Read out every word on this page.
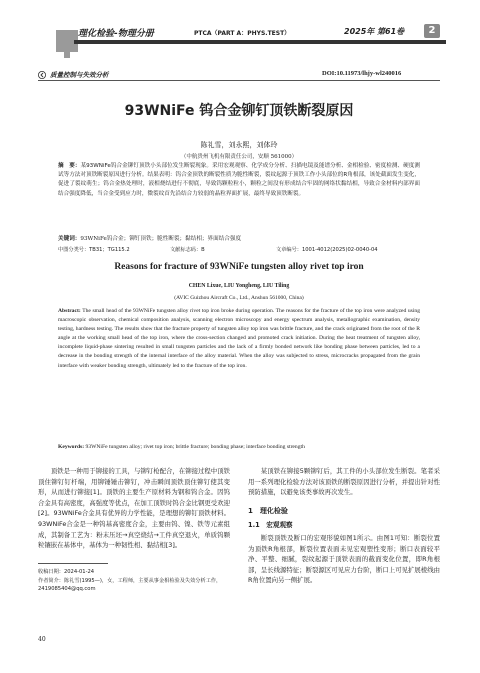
理化检验-物理分册	PTCA（PART A：PHYS.TEST）	2025年 第61卷	2
质量控制与失效分析	DOI:10.11973/lhjy-wl240016
93WNiFe 钨合金铆钉顶铁断裂原因
陈礼雪，刘永熙，刘体玲
（中航贵州飞机有限责任公司，安顺 561000）
摘　要：某93WNiFe钨合金铆钉顶铁小头部位发生断裂现象。采用宏观观察、化学成分分析、扫描电镜及能谱分析、金相检验、密度检测、硬度测试等方法对顶铁断裂原因进行分析。结果表明：钨合金顶铁的断裂性质为脆性断裂，裂纹起源于顶铁工作小头部位的R角根部，该处截面发生变化，促进了裂纹萌生；钨合金热处理时，液相烧结进行不彻底，导致钨颗粒粒小，颗粒之间没有形成结合牢固的网络状黏结相，导致合金材料内部界面结合强度降低，当合金受到应力时，微裂纹首先沿结合力较弱的晶粒界面扩展，最终导致顶铁断裂。
关键词：93WNiFe钨合金；铆钉顶铁；脆性断裂；黏结相；界面结合强度
中图分类号：TB31；TG115.2	文献标志码：B	文章编号：1001-4012(2025)02-0040-04
Reasons for fracture of 93WNiFe tungsten alloy rivet top iron
CHEN Lixue, LIU Yongheng, LIU Tiling
(AVIC Guizhou Aircraft Co., Ltd., Anshun 561000, China)
Abstract: The small head of the 93WNiFe tungsten alloy rivet top iron broke during operation. The reasons for the fracture of the top iron were analyzed using macroscopic observation, chemical composition analysis, scanning electron microscopy and energy spectrum analysis, metallographic examination, density testing, hardness testing. The results show that the fracture property of tungsten alloy top iron was brittle fracture, and the crack originated from the root of the R angle at the working small head of the top iron, where the cross-section changed and promoted crack initiation. During the heat treatment of tungsten alloy, incomplete liquid-phase sintering resulted in small tungsten particles and the lack of a firmly bonded network like bonding phase between particles, led to a decrease in the bonding strength of the internal interface of the alloy material. When the alloy was subjected to stress, microcracks propagated from the grain interface with weaker bonding strength, ultimately led to the fracture of the top iron.
Keywords: 93WNiFe tungsten alloy; rivet top iron; brittle fracture; bonding phase; interface bonding strength

顶铁是一种用于铆接的工具，与铆钉枪配合，在铆接过程中顶铁顶住铆钉钉杆端，用铆锤锤击铆钉，冲击瞬间顶铁顶住铆钉使其变形，从而进行铆接[1]。顶铁的主要生产原材料为钢和钨合金。因钨合金具有高密度，高强度等优点，在加工顶铁时钨合金比钢更受欢迎[2]。93WNiFe合金具有优异的力学性能，是理想的铆钉顶铁材料。93WNiFe合金是一种钨基高密度合金，主要由钨、镍、铁等元素组成，其制备工艺为：粉末压坯→真空烧结→工件真空退火，单质钨颗粒镶嵌在基体中，基体为一种韧性相、黏结相[3]。

收稿日期：2024-01-24
作者简介：陈礼雪(1995—)，女，工程师，主要从事金相检验及失效分析工作，2419085404@qq.com

某顶铁在铆接5颗铆钉后，其工件的小头部位发生断裂。笔者采用一系列理化检验方法对该顶铁的断裂原因进行分析，并提出针对性预防措施，以避免该类事故再次发生。

1　理化检验
1.1　宏观观察

断裂顶铁及断口的宏观形貌如图1所示。由图1可知：断裂位置为顶铁R角根部，断裂位置表面未见宏观塑性变形；断口表面较平净、平整、细腻，裂纹起源于顶铁表面的截面变化位置，即R角根部，呈长线源特征；断裂源区可见应力台阶，断口上可见扩展棱线由R角位置向另一侧扩展。

40
